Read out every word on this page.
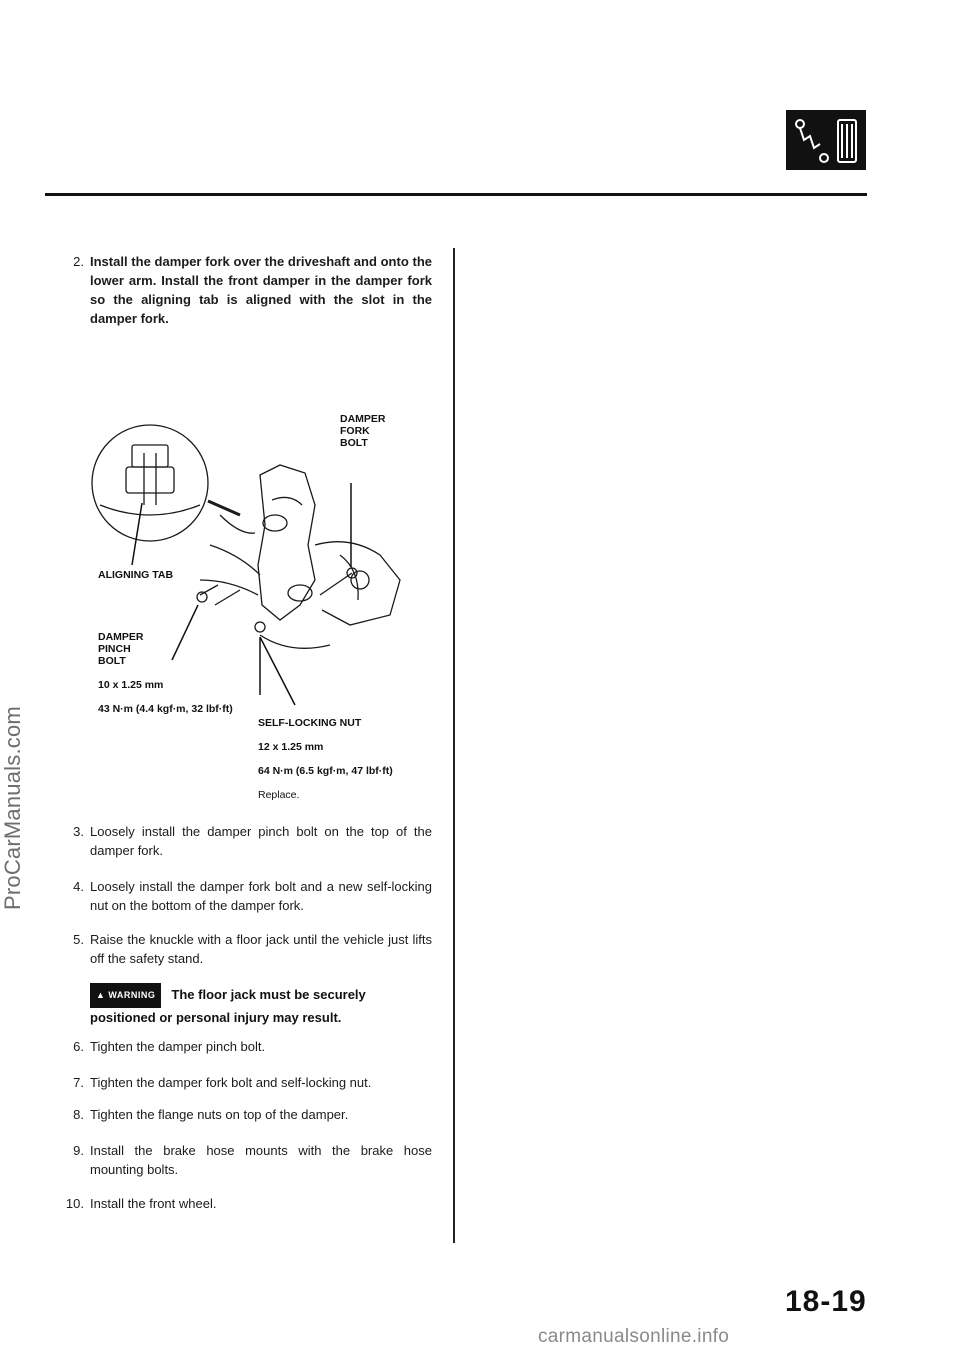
ProCarManuals.com
2. Install the damper fork over the driveshaft and onto the lower arm. Install the front damper in the damper fork so the aligning tab is aligned with the slot in the damper fork.
DAMPER
FORK
BOLT
ALIGNING TAB

DAMPER
PINCH
BOLT

10 x 1.25 mm

43 N·m (4.4 kgf·m, 32 lbf·ft)

SELF-LOCKING NUT

12 x 1.25 mm

64 N·m (6.5 kgf·m, 47 lbf·ft)

Replace.

3. Loosely install the damper pinch bolt on the top of the damper fork.
4. Loosely install the damper fork bolt and a new self-locking nut on the bottom of the damper fork.
5. Raise the knuckle with a floor jack until the vehicle just lifts off the safety stand.
▲ WARNING The floor jack must be securely positioned or personal injury may result.
6. Tighten the damper pinch bolt.
7. Tighten the damper fork bolt and self-locking nut.
8. Tighten the flange nuts on top of the damper.
9. Install the brake hose mounts with the brake hose mounting bolts.
10. Install the front wheel.
18-19
carmanualsonline.info
